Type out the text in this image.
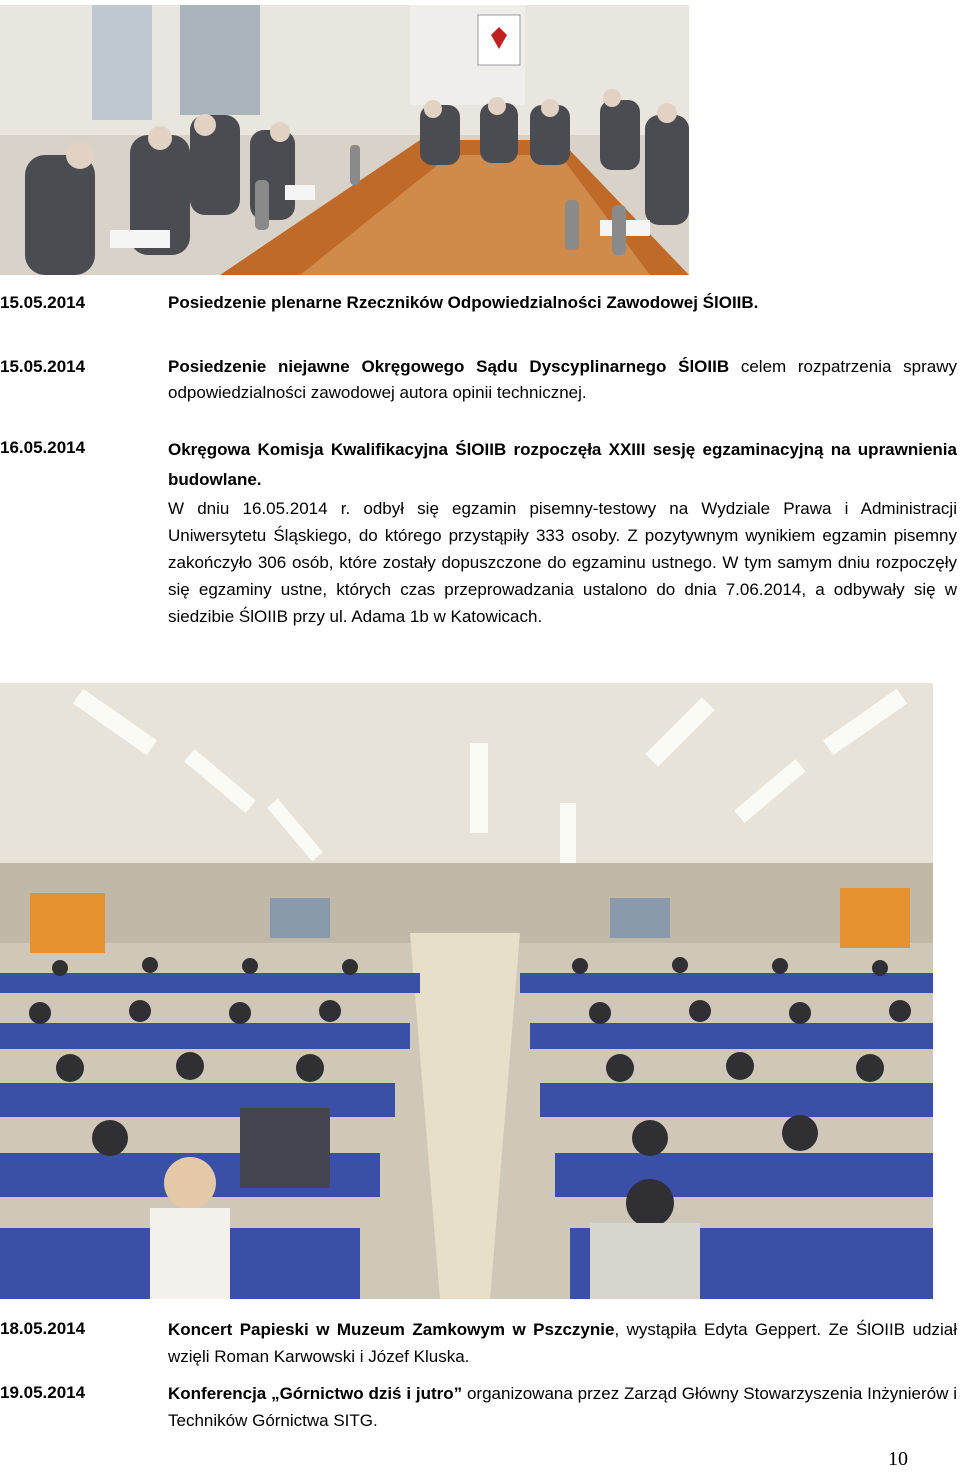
15.05.2014	Posiedzenie plenarne Rzeczników Odpowiedzialności Zawodowej ŚlOIIB.
15.05.2014	Posiedzenie niejawne Okręgowego Sądu Dyscyplinarnego ŚlOIIB celem rozpatrzenia sprawy odpowiedzialności zawodowej autora opinii technicznej.
16.05.2014	Okręgowa Komisja Kwalifikacyjna ŚlOIIB rozpoczęła XXIII sesję egzaminacyjną na uprawnienia budowlane.
W dniu 16.05.2014 r. odbył się egzamin pisemny-testowy na Wydziale Prawa i Administracji Uniwersytetu Śląskiego, do którego przystąpiły 333 osoby. Z pozytywnym wynikiem egzamin pisemny zakończyło 306 osób, które zostały dopuszczone do egzaminu ustnego. W tym samym dniu rozpoczęły się egzaminy ustne, których czas przeprowadzania ustalono do dnia 7.06.2014, a odbywały się w siedzibie ŚlOIIB przy ul. Adama 1b w Katowicach.
18.05.2014	Koncert Papieski w Muzeum Zamkowym w Pszczynie, wystąpiła Edyta Geppert. Ze ŚlOIIB udział wzięli Roman Karwowski i Józef Kluska.
19.05.2014	Konferencja „Górnictwo dziś i jutro” organizowana przez Zarząd Główny Stowarzyszenia Inżynierów i Techników Górnictwa SITG.
10
